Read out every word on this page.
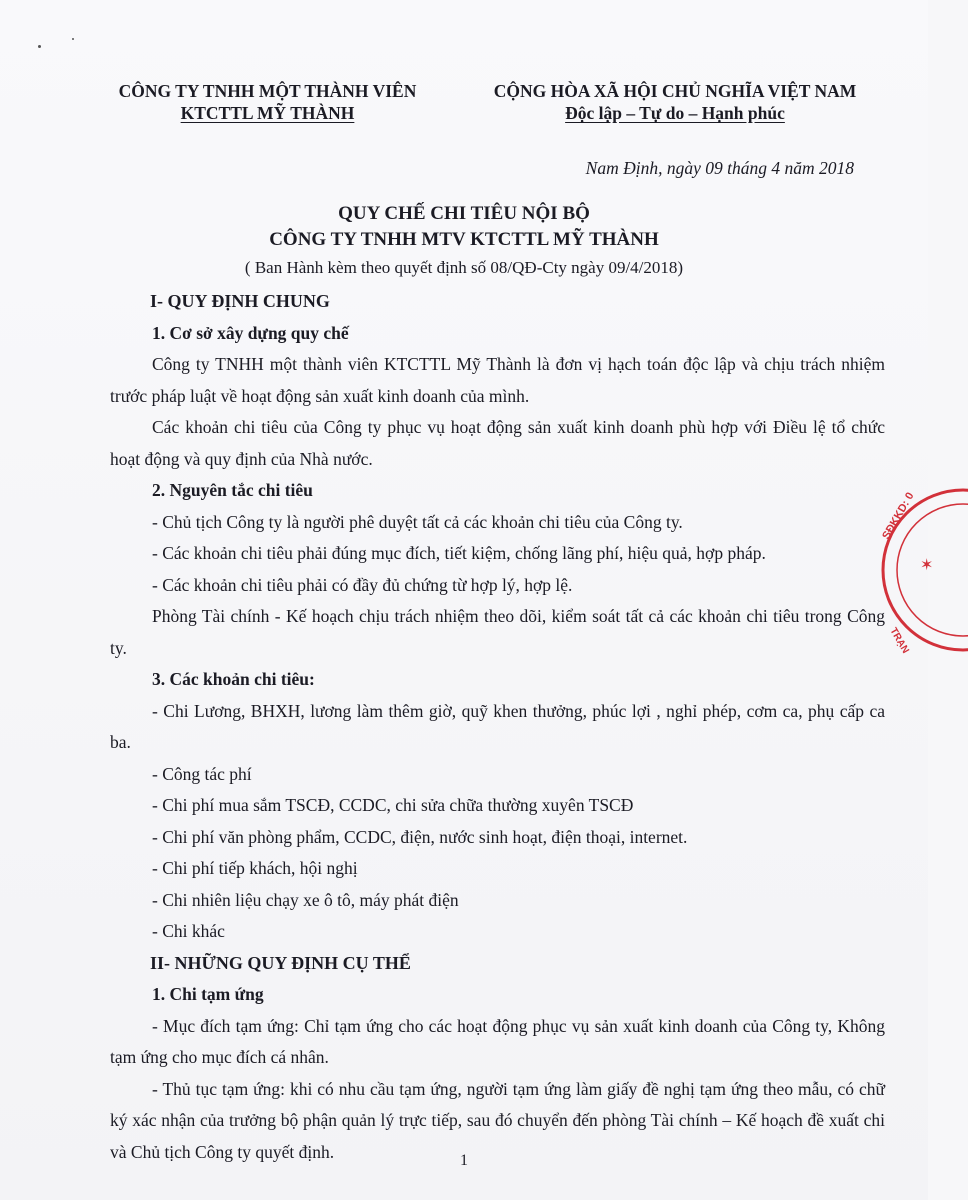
CÔNG TY TNHH MỘT THÀNH VIÊN
KTCTTL MỸ THÀNH
CỘNG HÒA XÃ HỘI CHỦ NGHĨA VIỆT NAM
Độc lập – Tự do – Hạnh phúc
Nam Định, ngày 09 tháng 4 năm 2018
QUY CHẾ CHI TIÊU NỘI BỘ
CÔNG TY TNHH MTV KTCTTL MỸ THÀNH
( Ban Hành kèm theo quyết định số 08/QĐ-Cty ngày 09/4/2018)

I- QUY ĐỊNH CHUNG

1. Cơ sở xây dựng quy chế

Công ty TNHH một thành viên KTCTTL Mỹ Thành là đơn vị hạch toán độc lập và chịu trách nhiệm trước pháp luật về hoạt động sản xuất kinh doanh của mình.

Các khoản chi tiêu của Công ty phục vụ hoạt động sản xuất kinh doanh phù hợp với Điều lệ tổ chức hoạt động và quy định của Nhà nước.

2. Nguyên tắc chi tiêu

- Chủ tịch Công ty là người phê duyệt tất cả các khoản chi tiêu của Công ty.

- Các khoản chi tiêu phải đúng mục đích, tiết kiệm, chống lãng phí, hiệu quả, hợp pháp.

- Các khoản chi tiêu phải có đầy đủ chứng từ hợp lý, hợp lệ.

Phòng Tài chính - Kế hoạch chịu trách nhiệm theo dõi, kiểm soát tất cả các khoản chi tiêu trong Công ty.

3. Các khoản chi tiêu:

- Chi Lương, BHXH, lương làm thêm giờ, quỹ khen thưởng, phúc lợi , nghỉ phép, cơm ca, phụ cấp ca ba.

- Công tác phí

- Chi phí mua sắm TSCĐ, CCDC, chi sửa chữa thường xuyên TSCĐ

- Chi phí văn phòng phẩm, CCDC, điện, nước sinh hoạt, điện thoại, internet.

- Chi phí tiếp khách, hội nghị

- Chi nhiên liệu chạy xe ô tô, máy phát điện

- Chi khác

II- NHỮNG QUY ĐỊNH CỤ THỂ

1. Chi tạm ứng

- Mục đích tạm ứng: Chỉ tạm ứng cho các hoạt động phục vụ sản xuất kinh doanh của Công ty, Không tạm ứng cho mục đích cá nhân.

- Thủ tục tạm ứng: khi có nhu cầu tạm ứng, người tạm ứng làm giấy đề nghị tạm ứng theo mẫu, có chữ ký xác nhận của trưởng bộ phận quản lý trực tiếp, sau đó chuyển đến phòng Tài chính – Kế hoạch đề xuất chi và Chủ tịch Công ty quyết định.	1
SĐKKD: 0
TRẠN
✶
